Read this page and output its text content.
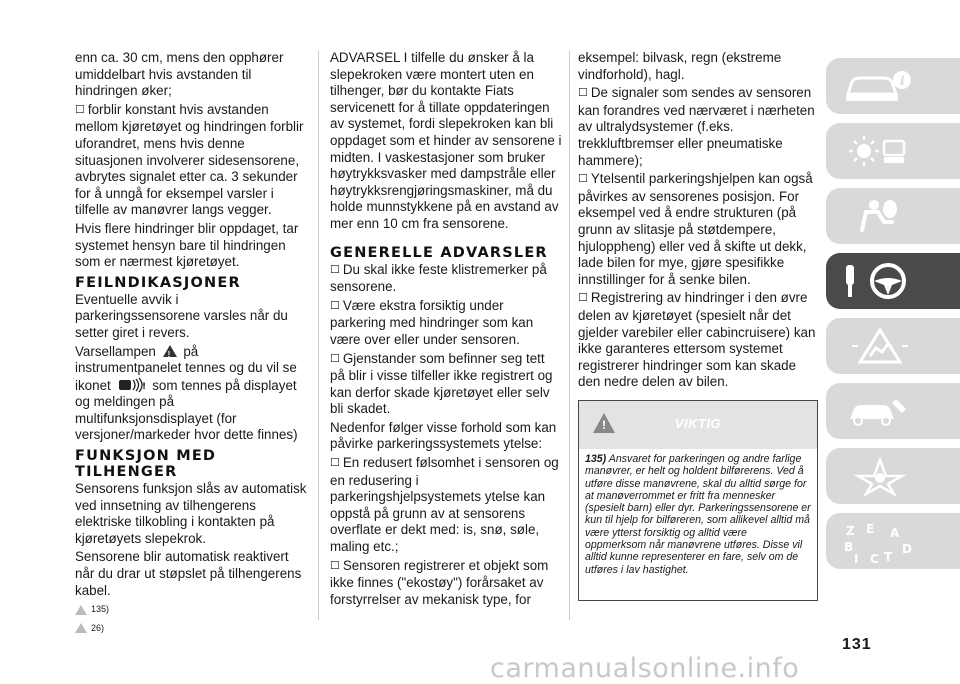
enn ca. 30 cm, mens den opphører umiddelbart hvis avstanden til hindringen øker;

☐ forblir konstant hvis avstanden mellom kjøretøyet og hindringen forblir uforandret, mens hvis denne situasjonen involverer sidesensorene, avbrytes signalet etter ca. 3 sekunder for å unngå for eksempel varsler i tilfelle av manøvrer langs vegger.

Hvis flere hindringer blir oppdaget, tar systemet hensyn bare til hindringen som er nærmest kjøretøyet.

FEILNDIKASJONER

Eventuelle avvik i parkeringssensorene varsles når du setter giret i revers.

Varsellampen ! på instrumentpanelet tennes og du vil se ikonet	! som tennes på displayet og meldingen på multifunksjonsdisplayet (for versjoner/markeder hvor dette finnes)

FUNKSJON MED TILHENGER

Sensorens funksjon slås av automatisk ved innsetning av tilhengerens elektriske tilkobling i kontakten på kjøretøyets slepekrok.

Sensorene blir automatisk reaktivert når du drar ut støpslet på tilhengerens kabel.

135)
26)

ADVARSEL I tilfelle du ønsker å la slepekroken være montert uten en tilhenger, bør du kontakte Fiats servicenett for å tillate oppdateringen av systemet, fordi slepekroken kan bli oppdaget som et hinder av sensorene i midten. I vaskestasjoner som bruker høytrykksvasker med dampstråle eller høytrykksrengjøringsmaskiner, må du holde munnstykkene på en avstand av mer enn 10 cm fra sensorene.

GENERELLE ADVARSLER

☐ Du skal ikke feste klistremerker på sensorene.

☐ Være ekstra forsiktig under parkering med hindringer som kan være over eller under sensoren.

☐ Gjenstander som befinner seg tett på blir i visse tilfeller ikke registrert og kan derfor skade kjøretøyet eller selv bli skadet.

Nedenfor følger visse forhold som kan påvirke parkeringssystemets ytelse:

☐ En redusert følsomhet i sensoren og en redusering i parkeringshjelpsystemets ytelse kan oppstå på grunn av at sensorens overflate er dekt med: is, snø, søle, maling etc.;

☐ Sensoren registrerer et objekt som ikke finnes ("ekostøy") forårsaket av forstyrrelser av mekanisk type, for

eksempel: bilvask, regn (ekstreme vindforhold), hagl.

☐ De signaler som sendes av sensoren kan forandres ved nærværet i nærheten av ultralydsystemer (f.eks. trekkluftbremser eller pneumatiske hammere);

☐ Ytelsentil parkeringshjelpen kan også påvirkes av sensorenes posisjon. For eksempel ved å endre strukturen (på grunn av slitasje på støtdempere, hjuloppheng) eller ved å skifte ut dekk, lade bilen for mye, gjøre spesifikke innstillinger for å senke bilen.

☐ Registrering av hindringer i den øvre delen av kjøretøyet (spesielt når det gjelder varebiler eller cabincruisere) kan ikke garanteres ettersom systemet registrerer hindringer som kan skade den nedre delen av bilen.

!
VIKTIG
135) Ansvaret for parkeringen og andre farlige manøvrer, er helt og holdent bilførerens. Ved å utføre disse manøvrene, skal du alltid sørge for at manøverrommet er fritt fra mennesker (spesielt barn) eller dyr. Parkeringssensorene er kun til hjelp for bilføreren, som allikevel alltid må være ytterst forsiktig og alltid være oppmerksom når manøvrene utføres. Disse vil alltid kunne representerer en fare, selv om de utføres i lav hastighet.
i
Z E A
B	D
I C T
131
carmanualsonline.info
